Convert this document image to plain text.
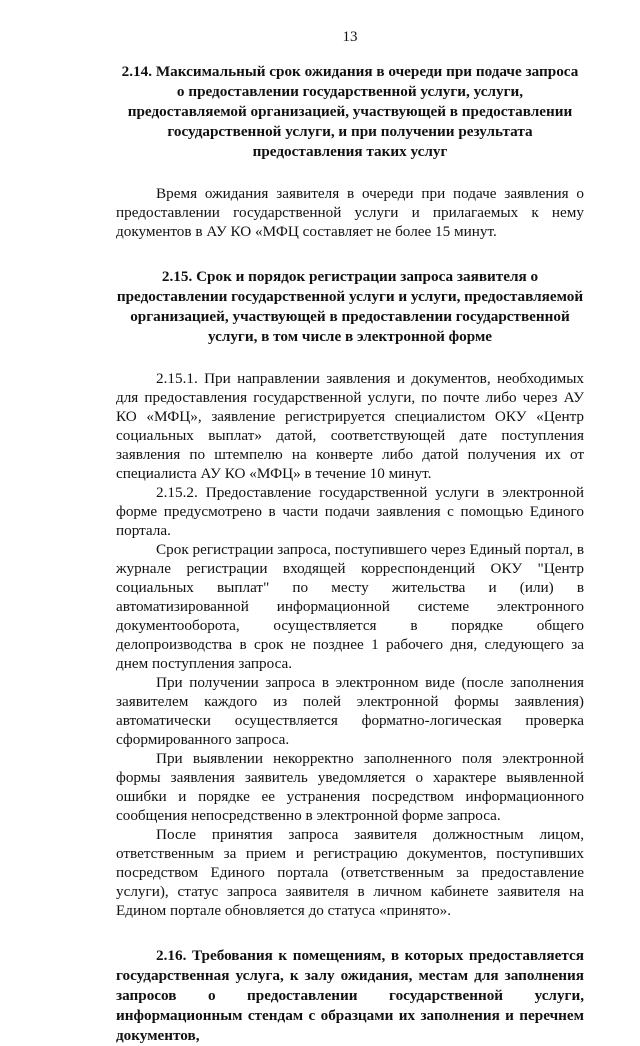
13

2.14. Максимальный срок ожидания в очереди при подаче запроса о предоставлении государственной услуги, услуги, предоставляемой организацией, участвующей в предоставлении государственной услуги, и при получении результата предоставления таких услуг

Время ожидания заявителя в очереди при подаче заявления о предоставлении государственной услуги и прилагаемых к нему документов в АУ КО «МФЦ составляет не более 15 минут.

2.15. Срок и порядок регистрации запроса заявителя о предоставлении государственной услуги и услуги, предоставляемой организацией, участвующей в предоставлении государственной услуги, в том числе в электронной форме

2.15.1. При направлении заявления и документов, необходимых для предоставления государственной услуги, по почте либо через АУ КО «МФЦ», заявление регистрируется специалистом ОКУ «Центр социальных выплат» датой, соответствующей дате поступления заявления по штемпелю на конверте либо датой получения их от специалиста АУ КО «МФЦ» в течение 10 минут.

2.15.2. Предоставление государственной услуги в электронной форме предусмотрено в части подачи заявления с помощью Единого портала.

Срок регистрации запроса, поступившего через Единый портал, в журнале регистрации входящей корреспонденций ОКУ "Центр социальных выплат" по месту жительства и (или) в автоматизированной информационной системе электронного документооборота, осуществляется в порядке общего делопроизводства в срок не позднее 1 рабочего дня, следующего за днем поступления запроса.

При получении запроса в электронном виде (после заполнения заявителем каждого из полей электронной формы заявления) автоматически осуществляется форматно-логическая проверка сформированного запроса.

При выявлении некорректно заполненного поля электронной формы заявления заявитель уведомляется о характере выявленной ошибки и порядке ее устранения посредством информационного сообщения непосредственно в электронной форме запроса.

После принятия запроса заявителя должностным лицом, ответственным за прием и регистрацию документов, поступивших посредством Единого портала (ответственным за предоставление услуги), статус запроса заявителя в личном кабинете заявителя на Едином портале обновляется до статуса «принято».

2.16. Требования к помещениям, в которых предоставляется государственная услуга, к залу ожидания, местам для заполнения запросов о предоставлении государственной услуги, информационным стендам с образцами их заполнения и перечнем документов,
